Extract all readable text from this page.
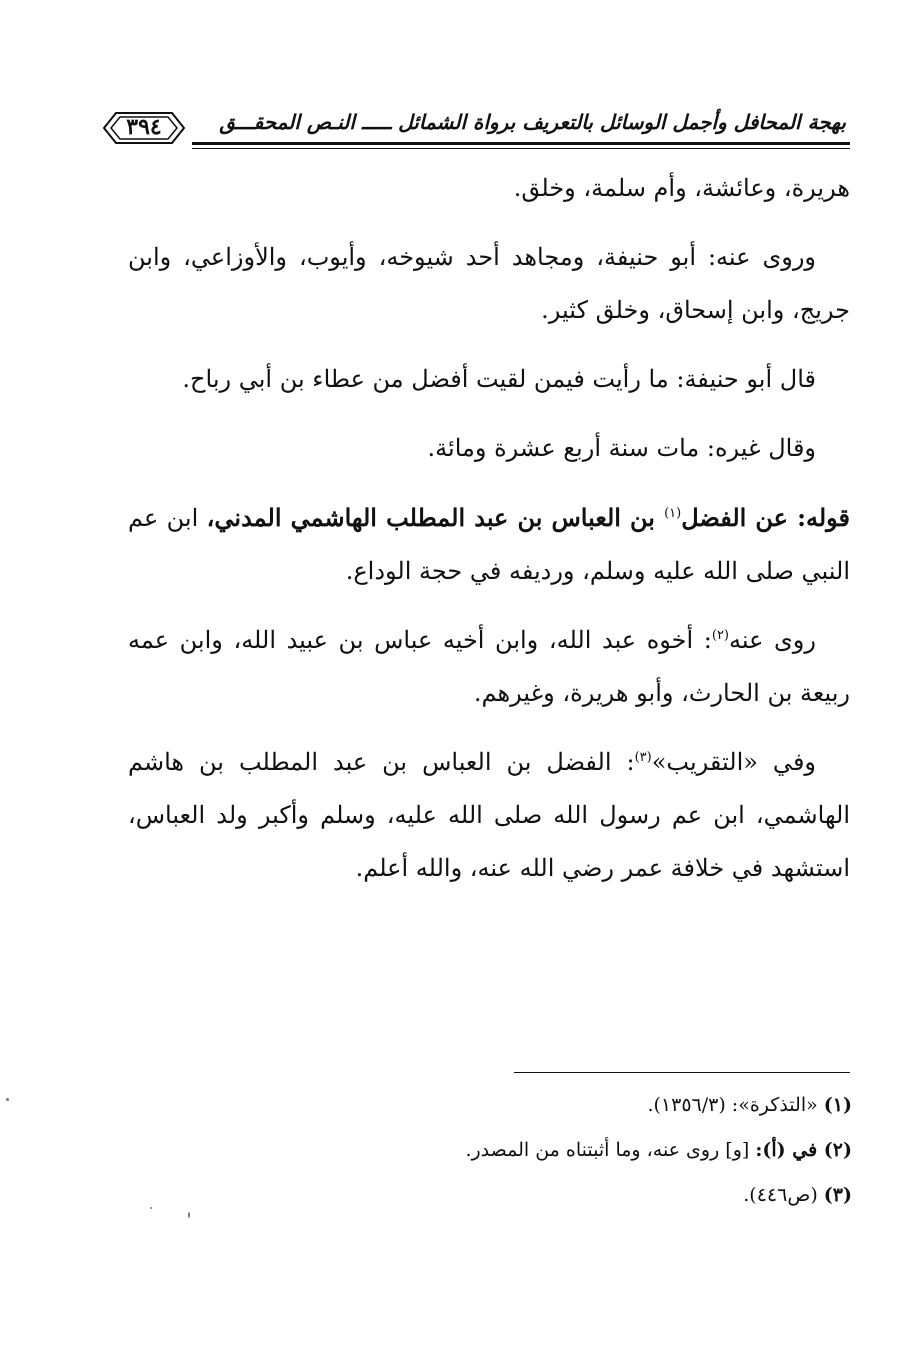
بهجة المحافل وأجمل الوسائل بالتعريف برواة الشمائل ـــــ النـص المحقـــق
٣٩٤

هريرة، وعائشة، وأم سلمة، وخلق.

وروى عنه: أبو حنيفة، ومجاهد أحد شيوخه، وأيوب، والأوزاعي، وابن جريج، وابن إسحاق، وخلق كثير.

قال أبو حنيفة: ما رأيت فيمن لقيت أفضل من عطاء بن أبي رباح.

وقال غيره: مات سنة أربع عشرة ومائة.

قوله: عن الفضل$^{(١)}$ بن العباس بن عبد المطلب الهاشمي المدني، ابن عم النبي صلى الله عليه وسلم، ورديفه في حجة الوداع.

روى عنه$^{(٢)}$: أخوه عبد الله، وابن أخيه عباس بن عبيد الله، وابن عمه ربيعة بن الحارث، وأبو هريرة، وغيرهم.

وفي «التقريب»$^{(٣)}$: الفضل بن العباس بن عبد المطلب بن هاشم الهاشمي، ابن عم رسول الله صلى الله عليه، وسلم وأكبر ولد العباس، استشهد في خلافة عمر رضي الله عنه، والله أعلم.

(١) «التذكرة»: (١٣٥٦/٣).

(٢) في (أ): [و] روى عنه، وما أثبتناه من المصدر.

(٣) (ص٤٤٦).
